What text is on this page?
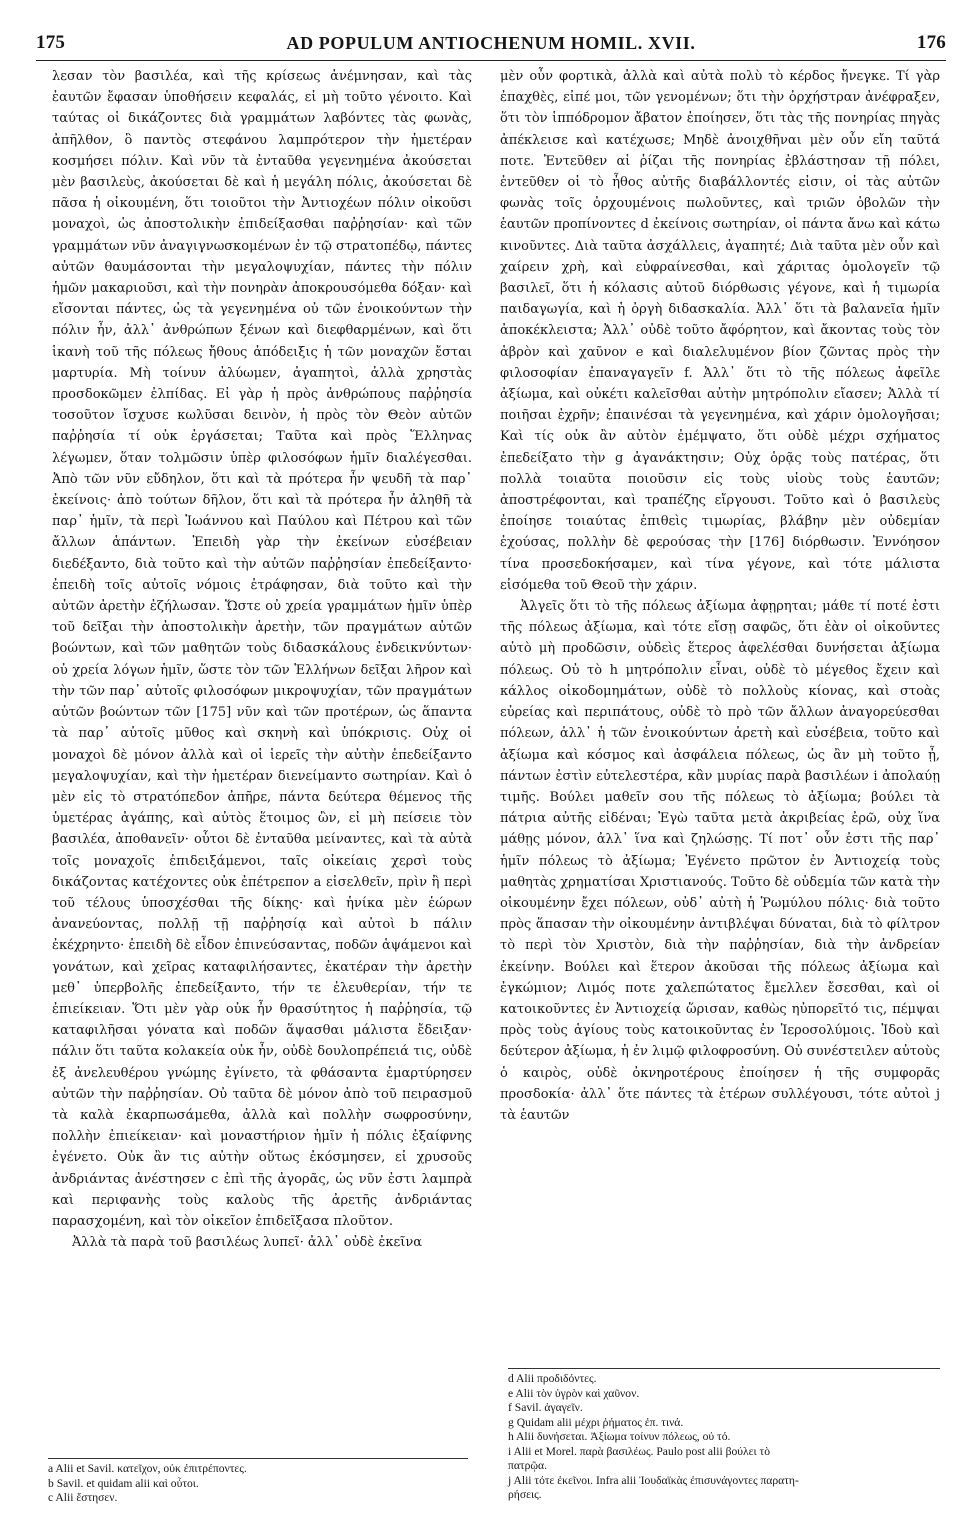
175	AD POPULUM ANTIOCHENUM HOMIL. XVII.	176

λεσαν τὸν βασιλέα, καὶ τῆς κρίσεως ἀνέμνησαν, καὶ τὰς ἑαυτῶν ἔφασαν ὑποθήσειν κεφαλάς, εἰ μὴ τοῦτο γένοιτο. Καὶ ταύτας οἱ δικάζοντες διὰ γραμμάτων λαβόντες τὰς φωνὰς, ἀπῆλθον, ὃ παντὸς στεφάνου λαμπρότερον τὴν ἡμετέραν κοσμήσει πόλιν. Καὶ νῦν τὰ ἐνταῦθα γεγενημένα ἀκούσεται μὲν βασιλεὺς, ἀκούσεται δὲ καὶ ἡ μεγάλη πόλις, ἀκούσεται δὲ πᾶσα ἡ οἰκουμένη, ὅτι τοιοῦτοι τὴν Ἀντιοχέων πόλιν οἰκοῦσι μοναχοὶ, ὡς ἀποστολικὴν ἐπιδείξασθαι παῤῥησίαν· καὶ τῶν γραμμάτων νῦν ἀναγιγνωσκομένων ἐν τῷ στρατοπέδῳ, πάντες αὐτῶν θαυμάσονται τὴν μεγαλοψυχίαν, πάντες τὴν πόλιν ἡμῶν μακαριοῦσι, καὶ τὴν πονηρὰν ἀποκρουσόμεθα δόξαν· καὶ εἴσονται πάντες, ὡς τὰ γεγενημένα οὐ τῶν ἐνοικούντων τὴν πόλιν ἦν, ἀλλ᾽ ἀνθρώπων ξένων καὶ διεφθαρμένων, καὶ ὅτι ἱκανὴ τοῦ τῆς πόλεως ἤθους ἀπόδειξις ἡ τῶν μοναχῶν ἔσται μαρτυρία. Μὴ τοίνυν ἀλύωμεν, ἀγαπητοὶ, ἀλλὰ χρηστὰς προσδοκῶμεν ἐλπίδας. Εἰ γὰρ ἡ πρὸς ἀνθρώπους παῤῥησία τοσοῦτον ἴσχυσε κωλῦσαι δεινὸν, ἡ πρὸς τὸν Θεὸν αὐτῶν παῤῥησία τί οὐκ ἐργάσεται; Ταῦτα καὶ πρὸς Ἕλληνας λέγωμεν, ὅταν τολμῶσιν ὑπὲρ φιλοσόφων ἡμῖν διαλέγεσθαι. Ἀπὸ τῶν νῦν εὔδηλον, ὅτι καὶ τὰ πρότερα ἦν ψευδῆ τὰ παρ᾽ ἐκείνοις· ἀπὸ τούτων δῆλον, ὅτι καὶ τὰ πρότερα ἦν ἀληθῆ τὰ παρ᾽ ἡμῖν, τὰ περὶ Ἰωάννου καὶ Παύλου καὶ Πέτρου καὶ τῶν ἄλλων ἁπάντων. Ἐπειδὴ γὰρ τὴν ἐκείνων εὐσέβειαν διεδέξαντο, διὰ τοῦτο καὶ τὴν αὐτῶν παῤῥησίαν ἐπεδείξαντο· ἐπειδὴ τοῖς αὐτοῖς νόμοις ἐτράφησαν, διὰ τοῦτο καὶ τὴν αὐτῶν ἀρετὴν ἐζήλωσαν. Ὥστε οὐ χρεία γραμμάτων ἡμῖν ὑπὲρ τοῦ δεῖξαι τὴν ἀποστολικὴν ἀρετὴν, τῶν πραγμάτων αὐτῶν βοώντων, καὶ τῶν μαθητῶν τοὺς διδασκάλους ἐνδεικνύντων· οὐ χρεία λόγων ἡμῖν, ὥστε τὸν τῶν Ἑλλήνων δεῖξαι λῆρον καὶ τὴν τῶν παρ᾽ αὐτοῖς φιλοσόφων μικροψυχίαν, τῶν πραγμάτων αὐτῶν βοώντων τῶν [175] νῦν καὶ τῶν προτέρων, ὡς ἅπαντα τὰ παρ᾽ αὐτοῖς μῦθος καὶ σκηνὴ καὶ ὑπόκρισις. Οὐχ οἱ μοναχοὶ δὲ μόνον ἀλλὰ καὶ οἱ ἱερεῖς τὴν αὐτὴν ἐπεδείξαντο μεγαλοψυχίαν, καὶ τὴν ἡμετέραν διενείμαντο σωτηρίαν. Καὶ ὁ μὲν εἰς τὸ στρατόπεδον ἀπῆρε, πάντα δεύτερα θέμενος τῆς ὑμετέρας ἀγάπης, καὶ αὐτὸς ἕτοιμος ὢν, εἰ μὴ πείσειε τὸν βασιλέα, ἀποθανεῖν· οὗτοι δὲ ἐνταῦθα μείναντες, καὶ τὰ αὐτὰ τοῖς μοναχοῖς ἐπιδειξάμενοι, ταῖς οἰκείαις χερσὶ τοὺς δικάζοντας κατέχοντες οὐκ ἐπέτρεπον a εἰσελθεῖν, πρὶν ἢ περὶ τοῦ τέλους ὑποσχέσθαι τῆς δίκης· καὶ ἡνίκα μὲν ἑώρων ἀνανεύοντας, πολλῇ τῇ παῤῥησίᾳ καὶ αὐτοὶ b πάλιν ἐκέχρηντο· ἐπειδὴ δὲ εἶδον ἐπινεύσαντας, ποδῶν ἁψάμενοι καὶ γονάτων, καὶ χεῖρας καταφιλήσαντες, ἑκατέραν τὴν ἀρετὴν μεθ᾽ ὑπερβολῆς ἐπεδείξαντο, τήν τε ἐλευθερίαν, τήν τε ἐπιείκειαν. Ὅτι μὲν γὰρ οὐκ ἦν θρασύτητος ἡ παῤῥησία, τῷ καταφιλῆσαι γόνατα καὶ ποδῶν ἅψασθαι μάλιστα ἔδειξαν· πάλιν ὅτι ταῦτα κολακεία οὐκ ἦν, οὐδὲ δουλοπρέπειά τις, οὐδὲ ἐξ ἀνελευθέρου γνώμης ἐγίνετο, τὰ φθάσαντα ἐμαρτύρησεν αὐτῶν τὴν παῤῥησίαν. Οὐ ταῦτα δὲ μόνον ἀπὸ τοῦ πειρασμοῦ τὰ καλὰ ἐκαρπωσάμεθα, ἀλλὰ καὶ πολλὴν σωφροσύνην, πολλὴν ἐπιείκειαν· καὶ μοναστήριον ἡμῖν ἡ πόλις ἐξαίφνης ἐγένετο. Οὐκ ἂν τις αὐτὴν οὕτως ἐκόσμησεν, εἰ χρυσοῦς ἀνδριάντας ἀνέστησεν c ἐπὶ τῆς ἀγορᾶς, ὡς νῦν ἐστι λαμπρὰ καὶ περιφανὴς τοὺς καλοὺς τῆς ἀρετῆς ἀνδριάντας παρασχομένη, καὶ τὸν οἰκεῖον ἐπιδεῖξασα πλοῦτον.

Ἀλλὰ τὰ παρὰ τοῦ βασιλέως λυπεῖ· ἀλλ᾽ οὐδὲ ἐκεῖνα

μὲν οὖν φορτικὰ, ἀλλὰ καὶ αὐτὰ πολὺ τὸ κέρδος ἤνεγκε. Τί γὰρ ἐπαχθὲς, εἰπέ μοι, τῶν γενομένων; ὅτι τὴν ὀρχήστραν ἀνέφραξεν, ὅτι τὸν ἱππόδρομον ἄβατον ἐποίησεν, ὅτι τὰς τῆς πονηρίας πηγὰς ἀπέκλεισε καὶ κατέχωσε; Μηδὲ ἀνοιχθῆναι μὲν οὖν εἴη ταῦτά ποτε. Ἐντεῦθεν αἱ ῥίζαι τῆς πονηρίας ἐβλάστησαν τῇ πόλει, ἐντεῦθεν οἱ τὸ ἦθος αὐτῆς διαβάλλοντές εἰσιν, οἱ τὰς αὐτῶν φωνὰς τοῖς ὀρχουμένοις πωλοῦντες, καὶ τριῶν ὀβολῶν τὴν ἑαυτῶν προπίνοντες d ἐκείνοις σωτηρίαν, οἱ πάντα ἄνω καὶ κάτω κινοῦντες. Διὰ ταῦτα ἀσχάλλεις, ἀγαπητέ; Διὰ ταῦτα μὲν οὖν καὶ χαίρειν χρὴ, καὶ εὐφραίνεσθαι, καὶ χάριτας ὁμολογεῖν τῷ βασιλεῖ, ὅτι ἡ κόλασις αὐτοῦ διόρθωσις γέγονε, καὶ ἡ τιμωρία παιδαγωγία, καὶ ἡ ὀργὴ διδασκαλία. Ἀλλ᾽ ὅτι τὰ βαλανεῖα ἡμῖν ἀποκέκλειστα; Ἀλλ᾽ οὐδὲ τοῦτο ἄφόρητον, καὶ ἄκοντας τοὺς τὸν ἁβρὸν καὶ χαῦνον e καὶ διαλελυμένον βίον ζῶντας πρὸς τὴν φιλοσοφίαν ἐπαναγαγεῖν f. Ἀλλ᾽ ὅτι τὸ τῆς πόλεως ἀφεῖλε ἀξίωμα, καὶ οὐκέτι καλεῖσθαι αὐτὴν μητρόπολιν εἴασεν; Ἀλλὰ τί ποιῆσαι ἐχρῆν; ἐπαινέσαι τὰ γεγενημένα, καὶ χάριν ὁμολογῆσαι; Καὶ τίς οὐκ ἂν αὐτὸν ἐμέμψατο, ὅτι οὐδὲ μέχρι σχήματος ἐπεδείξατο τὴν g ἀγανάκτησιν; Οὐχ ὁρᾷς τοὺς πατέρας, ὅτι πολλὰ τοιαῦτα ποιοῦσιν εἰς τοὺς υἱοὺς τοὺς ἑαυτῶν; ἀποστρέφονται, καὶ τραπέζης εἴργουσι. Τοῦτο καὶ ὁ βασιλεὺς ἐποίησε τοιαύτας ἐπιθεὶς τιμωρίας, βλάβην μὲν οὐδεμίαν ἐχούσας, πολλὴν δὲ φερούσας τὴν [176] διόρθωσιν. Ἐννόησον τίνα προσεδοκήσαμεν, καὶ τίνα γέγονε, καὶ τότε μάλιστα εἰσόμεθα τοῦ Θεοῦ τὴν χάριν.

Ἀλγεῖς ὅτι τὸ τῆς πόλεως ἀξίωμα ἀφῃρηται; μάθε τί ποτέ ἐστι τῆς πόλεως ἀξίωμα, καὶ τότε εἴσῃ σαφῶς, ὅτι ἐὰν οἱ οἰκοῦντες αὐτὸ μὴ προδῶσιν, οὐδεὶς ἕτερος ἀφελέσθαι δυνήσεται ἀξίωμα πόλεως. Οὐ τὸ h μητρόπολιν εἶναι, οὐδὲ τὸ μέγεθος ἔχειν καὶ κάλλος οἰκοδομημάτων, οὐδὲ τὸ πολλοὺς κίονας, καὶ στοὰς εὐρείας καὶ περιπάτους, οὐδὲ τὸ πρὸ τῶν ἄλλων ἀναγορεύεσθαι πόλεων, ἀλλ᾽ ἡ τῶν ἐνοικούντων ἀρετὴ καὶ εὐσέβεια, τοῦτο καὶ ἀξίωμα καὶ κόσμος καὶ ἀσφάλεια πόλεως, ὡς ἂν μὴ τοῦτο ᾖ, πάντων ἐστὶν εὐτελεστέρα, κἂν μυρίας παρὰ βασιλέων i ἀπολαύῃ τιμῆς. Βούλει μαθεῖν σου τῆς πόλεως τὸ ἀξίωμα; βούλει τὰ πάτρια αὐτῆς εἰδέναι; Ἐγὼ ταῦτα μετὰ ἀκριβείας ἐρῶ, οὐχ ἵνα μάθῃς μόνον, ἀλλ᾽ ἵνα καὶ ζηλώσῃς. Τί ποτ᾽ οὖν ἐστι τῆς παρ᾽ ἡμῖν πόλεως τὸ ἀξίωμα; Ἐγένετο πρῶτον ἐν Ἀντιοχείᾳ τοὺς μαθητὰς χρηματίσαι Χριστιανούς. Τοῦτο δὲ οὐδεμία τῶν κατὰ τὴν οἰκουμένην ἔχει πόλεων, οὐδ᾽ αὐτὴ ἡ Ῥωμύλου πόλις· διὰ τοῦτο πρὸς ἅπασαν τὴν οἰκουμένην ἀντιβλέψαι δύναται, διὰ τὸ φίλτρον τὸ περὶ τὸν Χριστὸν, διὰ τὴν παῤῥησίαν, διὰ τὴν ἀνδρείαν ἐκείνην. Βούλει καὶ ἕτερον ἀκοῦσαι τῆς πόλεως ἀξίωμα καὶ ἐγκώμιον; Λιμός ποτε χαλεπώτατος ἔμελλεν ἔσεσθαι, καὶ οἱ κατοικοῦντες ἐν Ἀντιοχείᾳ ὥρισαν, καθὼς ηὐπορεῖτό τις, πέμψαι πρὸς τοὺς ἁγίους τοὺς κατοικοῦντας ἐν Ἱεροσολύμοις. Ἰδοὺ καὶ δεύτερον ἀξίωμα, ἡ ἐν λιμῷ φιλοφροσύνη. Οὐ συνέστειλεν αὐτοὺς ὁ καιρὸς, οὐδὲ ὀκνηροτέρους ἐποίησεν ἡ τῆς συμφορᾶς προσδοκία· ἀλλ᾽ ὅτε πάντες τὰ ἑτέρων συλλέγουσι, τότε αὐτοὶ j τὰ ἑαυτῶν

a Alii et Savil. κατεῖχον, οὐκ ἐπιτρέποντες.
b Savil. et quidam alii καὶ οὗτοι.
c Alii ἔστησεν.
d Alii προδιδόντες.
e Alii τὸν ὑγρὸν καὶ χαῦνον.
f Savil. ἀγαγεῖν.
g Quidam alii μέχρι ῥήματος ἐπ. τινά.
h Alii δυνήσεται. Ἀξίωμα τοίνυν πόλεως, οὐ τό.
i Alii et Morel. παρὰ βασιλέως. Paulo post alii βούλει τὸ
πατρῷα.
j Alii τότε ἐκεῖνοι. Infra alii Ἰουδαϊκὰς ἐπισυνάγοντες παρατη-
ρήσεις.
